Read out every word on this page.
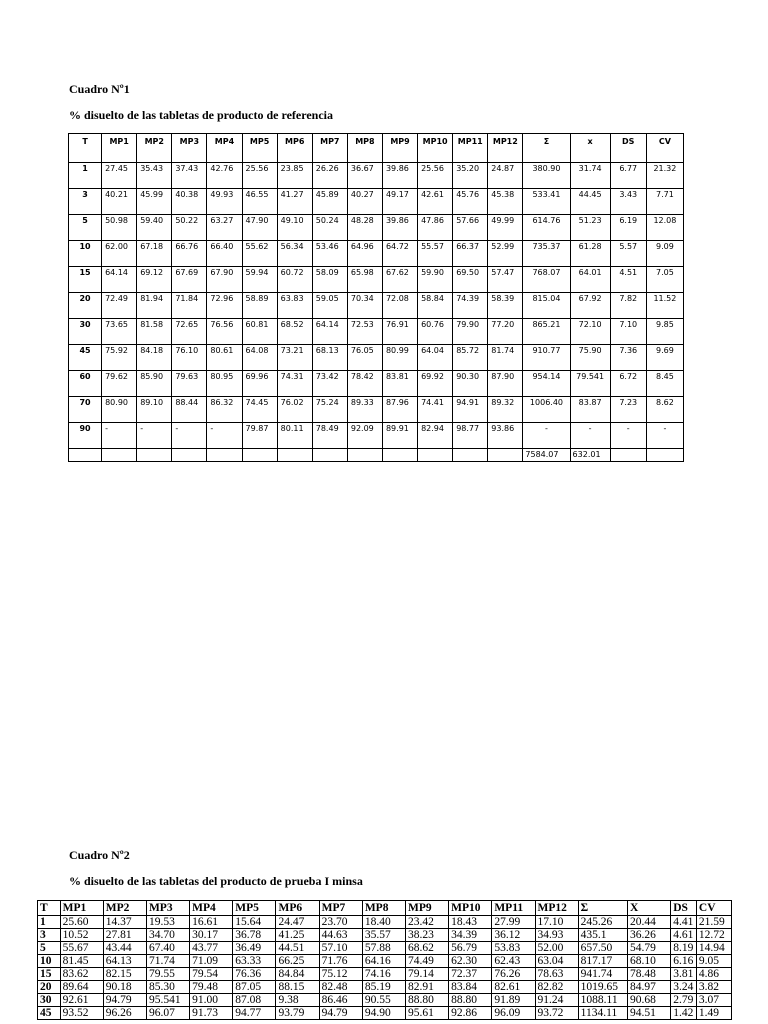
Cuadro Nº1
% disuelto de las tabletas de producto de referencia
T	MP1	MP2	MP3	MP4	MP5	MP6	MP7	MP8	MP9	MP10	MP11	MP12	Σ	x	DS	CV
1	27.45	35.43	37.43	42.76	25.56	23.85	26.26	36.67	39.86	25.56	35.20	24.87	380.90	31.74	6.77	21.32
3	40.21	45.99	40.38	49.93	46.55	41.27	45.89	40.27	49.17	42.61	45.76	45.38	533.41	44.45	3.43	7.71
5	50.98	59.40	50.22	63.27	47.90	49.10	50.24	48.28	39.86	47.86	57.66	49.99	614.76	51.23	6.19	12.08
10	62.00	67.18	66.76	66.40	55.62	56.34	53.46	64.96	64.72	55.57	66.37	52.99	735.37	61.28	5.57	9.09
15	64.14	69.12	67.69	67.90	59.94	60.72	58.09	65.98	67.62	59.90	69.50	57.47	768.07	64.01	4.51	7.05
20	72.49	81.94	71.84	72.96	58.89	63.83	59.05	70.34	72.08	58.84	74.39	58.39	815.04	67.92	7.82	11.52
30	73.65	81.58	72.65	76.56	60.81	68.52	64.14	72.53	76.91	60.76	79.90	77.20	865.21	72.10	7.10	9.85
45	75.92	84.18	76.10	80.61	64.08	73.21	68.13	76.05	80.99	64.04	85.72	81.74	910.77	75.90	7.36	9.69
60	79.62	85.90	79.63	80.95	69.96	74.31	73.42	78.42	83.81	69.92	90.30	87.90	954.14	79.541	6.72	8.45
70	80.90	89.10	88.44	86.32	74.45	76.02	75.24	89.33	87.96	74.41	94.91	89.32	1006.40	83.87	7.23	8.62
90	-	-	-	-	79.87	80.11	78.49	92.09	89.91	82.94	98.77	93.86	-	-	-	-
													7584.07	632.01		
Cuadro Nº2
% disuelto de las tabletas del producto de prueba I minsa
T	MP1	MP2	MP3	MP4	MP5	MP6	MP7	MP8	MP9	MP10	MP11	MP12	Σ	X	DS	CV
1	25.60	14.37	19.53	16.61	15.64	24.47	23.70	18.40	23.42	18.43	27.99	17.10	245.26	20.44	4.41	21.59
3	10.52	27.81	34.70	30.17	36.78	41.25	44.63	35.57	38.23	34.39	36.12	34.93	435.1	36.26	4.61	12.72
5	55.67	43.44	67.40	43.77	36.49	44.51	57.10	57.88	68.62	56.79	53.83	52.00	657.50	54.79	8.19	14.94
10	81.45	64.13	71.74	71.09	63.33	66.25	71.76	64.16	74.49	62.30	62.43	63.04	817.17	68.10	6.16	9.05
15	83.62	82.15	79.55	79.54	76.36	84.84	75.12	74.16	79.14	72.37	76.26	78.63	941.74	78.48	3.81	4.86
20	89.64	90.18	85.30	79.48	87.05	88.15	82.48	85.19	82.91	83.84	82.61	82.82	1019.65	84.97	3.24	3.82
30	92.61	94.79	95.541	91.00	87.08	9.38	86.46	90.55	88.80	88.80	91.89	91.24	1088.11	90.68	2.79	3.07
45	93.52	96.26	96.07	91.73	94.77	93.79	94.79	94.90	95.61	92.86	96.09	93.72	1134.11	94.51	1.42	1.49
